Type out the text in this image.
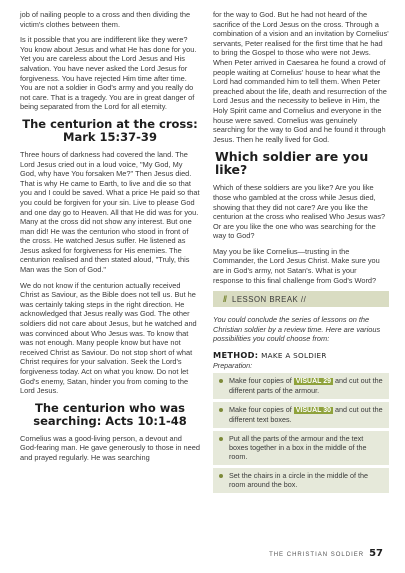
job of nailing people to a cross and then dividing the victim's clothes between them.

Is it possible that you are indifferent like they were? You know about Jesus and what He has done for you. Yet you are careless about the Lord Jesus and His salvation. You have never asked the Lord Jesus for forgiveness. You have rejected Him time after time. You are not a soldier in God's army and you really do not care. That is a tragedy. You are in great danger of being separated from the Lord for all eternity.

The centurion at the cross: Mark 15:37-39

Three hours of darkness had covered the land. The Lord Jesus cried out in a loud voice, "My God, My God, why have You forsaken Me?" Then Jesus died. That is why He came to Earth, to live and die so that you and I could be saved. What a price He paid so that you could be forgiven for your sin. Live to please God and one day go to Heaven. All that He did was for you. Many at the cross did not show any interest. But one man did! He was the centurion who stood in front of the cross. He watched Jesus suffer. He listened as Jesus asked for forgiveness for His enemies. The centurion realised and then stated aloud, "Truly, this Man was the Son of God."

We do not know if the centurion actually received Christ as Saviour, as the Bible does not tell us. But he was certainly taking steps in the right direction. He acknowledged that Jesus really was God. The other soldiers did not care about Jesus, but he watched and was convinced about Who Jesus was. To know that was not enough. Many people know but have not received Christ as Saviour. Do not stop short of what Christ requires for your salvation. Seek the Lord's forgiveness today. Act on what you know. Do not let God's enemy, Satan, hinder you from coming to the Lord Jesus.

The centurion who was searching: Acts 10:1-48

Cornelius was a good-living person, a devout and God-fearing man. He gave generously to those in need and prayed regularly. He was searching

for the way to God. But he had not heard of the sacrifice of the Lord Jesus on the cross. Through a combination of a vision and an invitation by Cornelius' servants, Peter realised for the first time that he had to bring the Gospel to those who were not Jews. When Peter arrived in Caesarea he found a crowd of people waiting at Cornelius' house to hear what the Lord had commanded him to tell them. When Peter preached about the life, death and resurrection of the Lord Jesus and the necessity to believe in Him, the Holy Spirit came and Cornelius and everyone in the house were saved. Cornelius was genuinely searching for the way to God and he found it through Jesus. Then he really lived for God.

Which soldier are you like?

Which of these soldiers are you like? Are you like those who gambled at the cross while Jesus died, showing that they did not care? Are you like the centurion at the cross who realised Who Jesus was? Or are you like the one who was searching for the way to God?

May you be like Cornelius—trusting in the Commander, the Lord Jesus Christ. Make sure you are in God's army, not Satan's. What is your response to this final challenge from God's Word?

// LESSON BREAK //

You could conclude the series of lessons on the Christian soldier by a review time. Here are various possibilities you could choose from:

METHOD: MAKE A SOLDIER
Preparation:
Make four copies of VISUAL 29 and cut out the different parts of the armour.
Make four copies of VISUAL 30 and cut out the different text boxes.
Put all the parts of the armour and the text boxes together in a box in the middle of the room.
Set the chairs in a circle in the middle of the room around the box.
THE CHRISTIAN SOLDIER 57
